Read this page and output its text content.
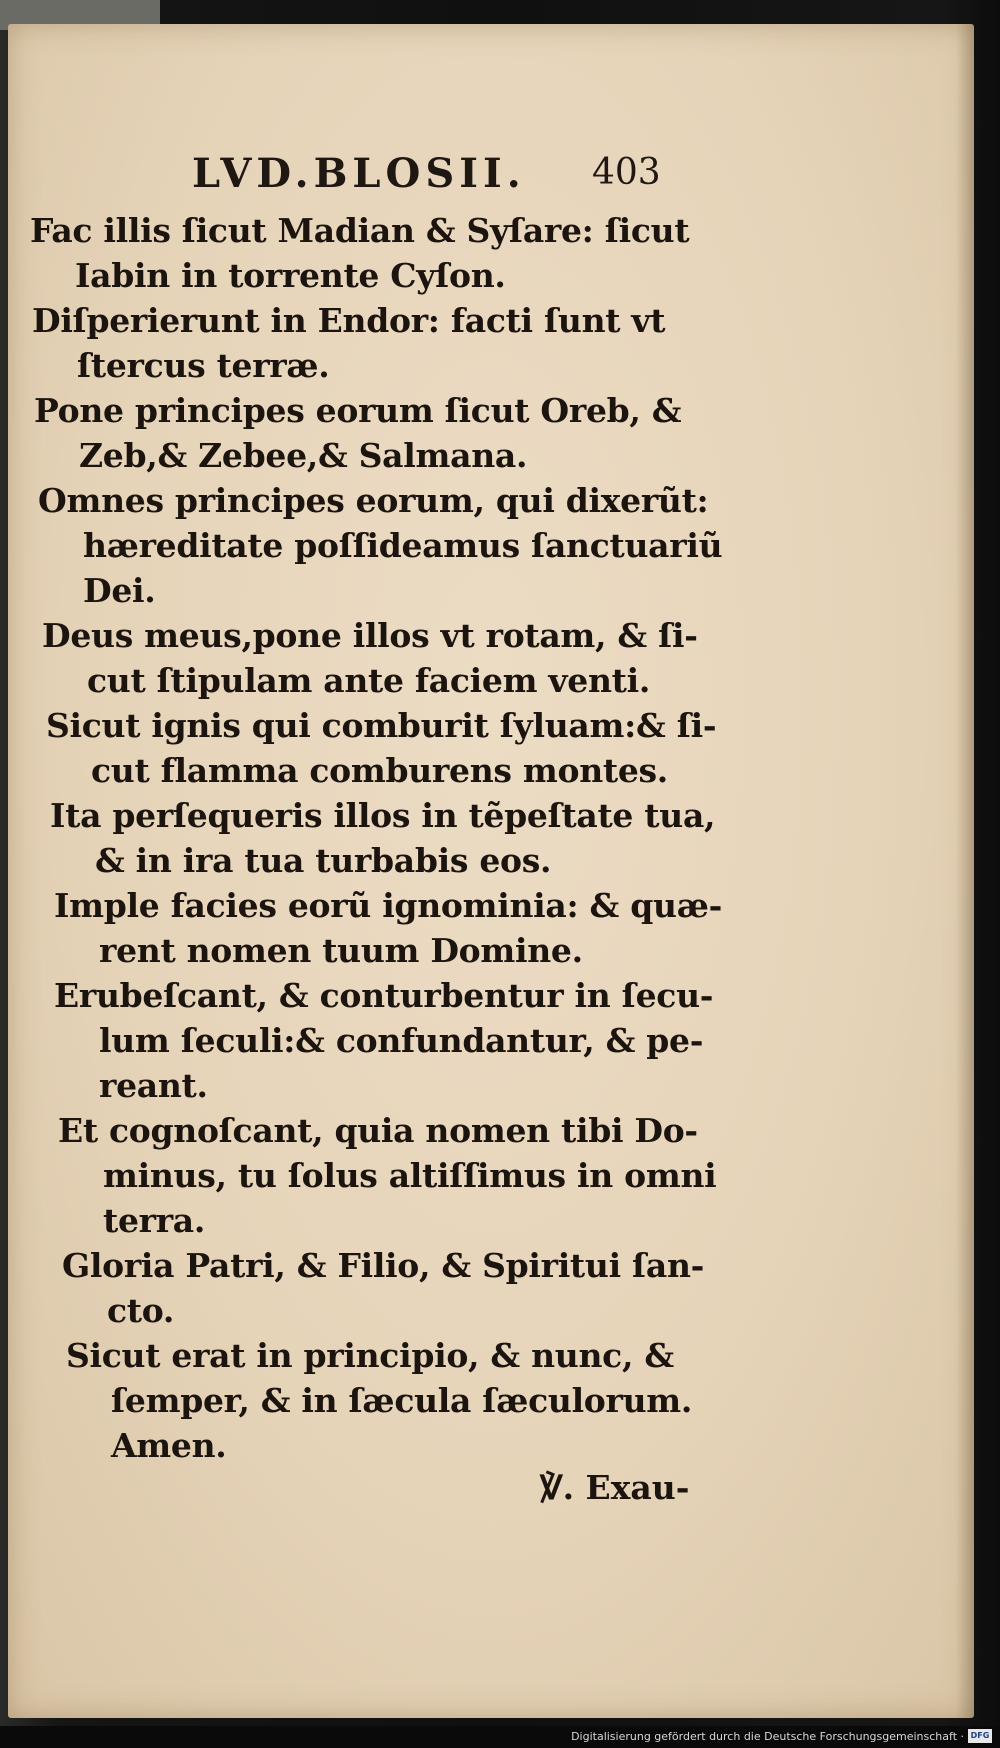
LVD.BLOSII. 403
Fac illis ſicut Madian & Syſare: ſicut
Iabin in torrente Cyſon.
Diſperierunt in Endor: facti ſunt vt
ſtercus terræ.
Pone principes eorum ſicut Oreb, &
Zeb,& Zebee,& Salmana.
Omnes principes eorum, qui dixerũt:
hæreditate poſſideamus ſanctuariũ
Dei.
Deus meus,pone illos vt rotam, & ſi-
cut ſtipulam ante faciem venti.
Sicut ignis qui comburit ſyluam:& ſi-
cut flamma comburens montes.
Ita perſequeris illos in tẽpeſtate tua,
& in ira tua turbabis eos.
Imple facies eorũ ignominia: & quæ-
rent nomen tuum Domine.
Erubeſcant, & conturbentur in ſecu-
lum ſeculi:& confundantur, & pe-
reant.
Et cognoſcant, quia nomen tibi Do-
minus, tu ſolus altiſſimus in omni
terra.
Gloria Patri, & Filio, & Spiritui ſan-
cto.
Sicut erat in principio, & nunc, &
ſemper, & in ſæcula ſæculorum.
Amen.
℣. Exau-
Digitalisierung gefördert durch die Deutsche Forschungsgemeinschaft · DFG
